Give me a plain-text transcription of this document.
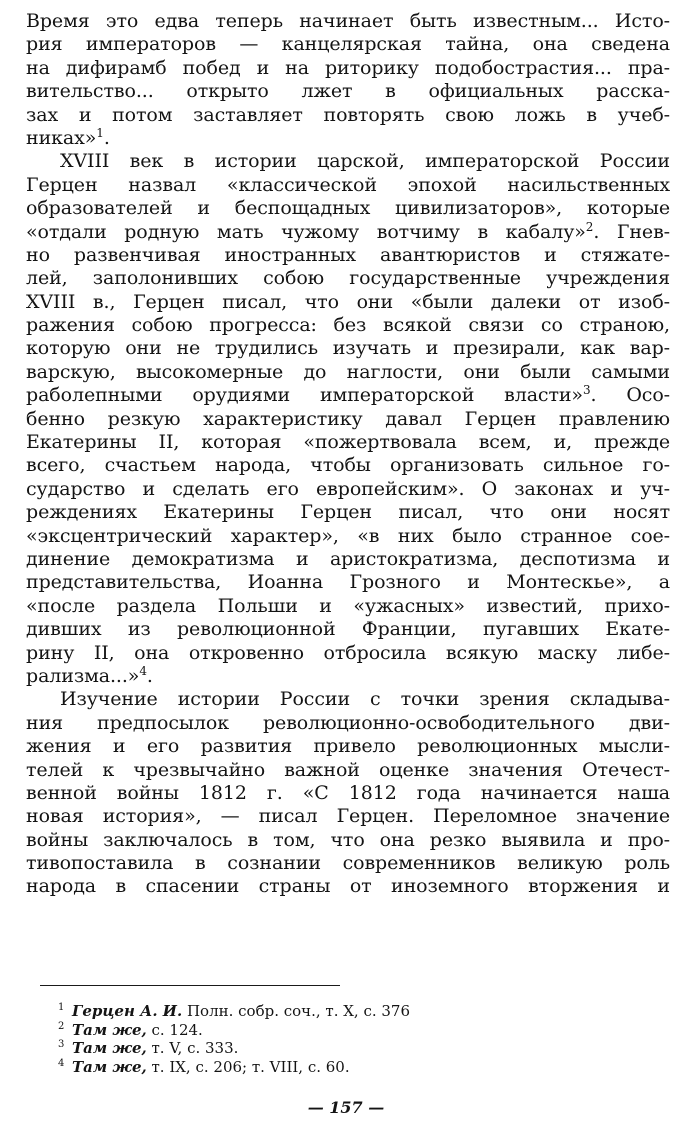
Время это едва теперь начинает быть известным... Исто-
рия императоров — канцелярская тайна, она сведена
на дифирамб побед и на риторику подобострастия... пра-
вительство... открыто лжет в официальных расска-
зах и потом заставляет повторять свою ложь в учеб-
никах»$^1$.
XVIII век в истории царской, императорской России
Герцен назвал «классической эпохой насильственных
образователей и беспощадных цивилизаторов», которые
«отдали родную мать чужому вотчиму в кабалу»$^2$. Гнев-
но развенчивая иностранных авантюристов и стяжате-
лей, заполонивших собою государственные учреждения
XVIII в., Герцен писал, что они «были далеки от изоб-
ражения собою прогресса: без всякой связи со страною,
которую они не трудились изучать и презирали, как вар-
варскую, высокомерные до наглости, они были самыми
раболепными орудиями императорской власти»$^3$. Осо-
бенно резкую характеристику давал Герцен правлению
Екатерины II, которая «пожертвовала всем, и, прежде
всего, счастьем народа, чтобы организовать сильное го-
сударство и сделать его европейским». О законах и уч-
реждениях Екатерины Герцен писал, что они носят
«эксцентрический характер», «в них было странное сое-
динение демократизма и аристократизма, деспотизма и
представительства, Иоанна Грозного и Монтескье», а
«после раздела Польши и «ужасных» известий, прихо-
дивших из революционной Франции, пугавших Екате-
рину II, она откровенно отбросила всякую маску либе-
рализма...»$^4$.
Изучение истории России с точки зрения складыва-
ния предпосылок революционно-освободительного дви-
жения и его развития привело революционных мысли-
телей к чрезвычайно важной оценке значения Отечест-
венной войны 1812 г. «С 1812 года начинается наша
новая история», — писал Герцен. Переломное значение
войны заключалось в том, что она резко выявила и про-
тивопоставила в сознании современников великую роль
народа в спасении страны от иноземного вторжения и
1 Герцен А. И. Полн. собр. соч., т. X, с. 376
2 Там же, с. 124.
3 Там же, т. V, с. 333.
4 Там же, т. IX, с. 206; т. VIII, с. 60.
— 157 —
